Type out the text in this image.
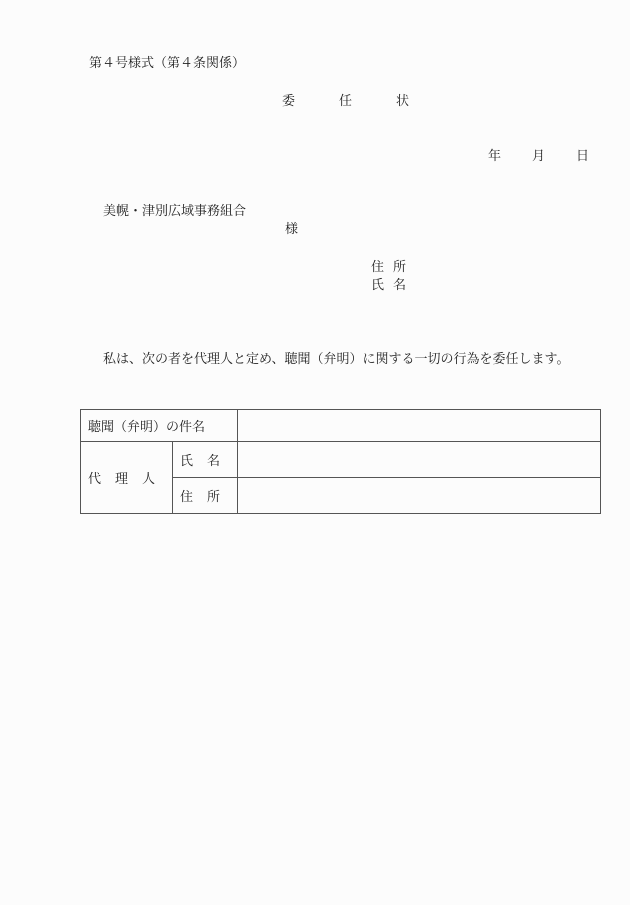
第４号様式（第４条関係）
委	任	状
年 月 日
美幌・津別広域事務組合
様
住 所
氏 名
私は、次の者を代理人と定め、聴聞（弁明）に関する一切の行為を委任します。
聴聞（弁明）の件名		
代 理 人	氏 名	
	住 所	
